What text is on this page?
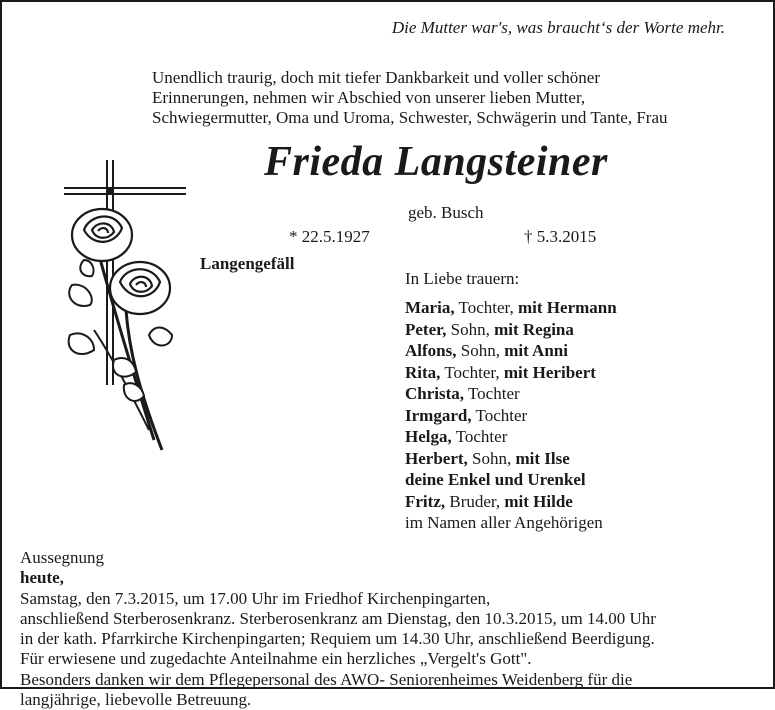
Die Mutter war's, was braucht‘s der Worte mehr.

Unendlich traurig, doch mit tiefer Dankbarkeit und voller schöner
Erinnerungen, nehmen wir Abschied von unserer lieben Mutter,
Schwiegermutter, Oma und Uroma, Schwester, Schwägerin und Tante, Frau

Frieda Langsteiner

geb. Busch

* 22.5.1927	† 5.3.2015

Langengefäll

In Liebe trauern:

Maria, Tochter, mit Hermann
Peter, Sohn, mit Regina
Alfons, Sohn, mit Anni
Rita, Tochter, mit Heribert
Christa, Tochter
Irmgard, Tochter
Helga, Tochter
Herbert, Sohn, mit Ilse
deine Enkel und Urenkel
Fritz, Bruder, mit Hilde
im Namen aller Angehörigen

Aussegnung
heute,
Samstag, den 7.3.2015, um 17.00 Uhr im Friedhof Kirchenpingarten,
anschließend Sterberosenkranz. Sterberosenkranz am Dienstag, den 10.3.2015, um 14.00 Uhr
in der kath. Pfarrkirche Kirchenpingarten; Requiem um 14.30 Uhr, anschließend Beerdigung.
Für erwiesene und zugedachte Anteilnahme ein herzliches „Vergelt's Gott".
Besonders danken wir dem Pflegepersonal des AWO- Seniorenheimes Weidenberg für die
langjährige, liebevolle Betreuung.
